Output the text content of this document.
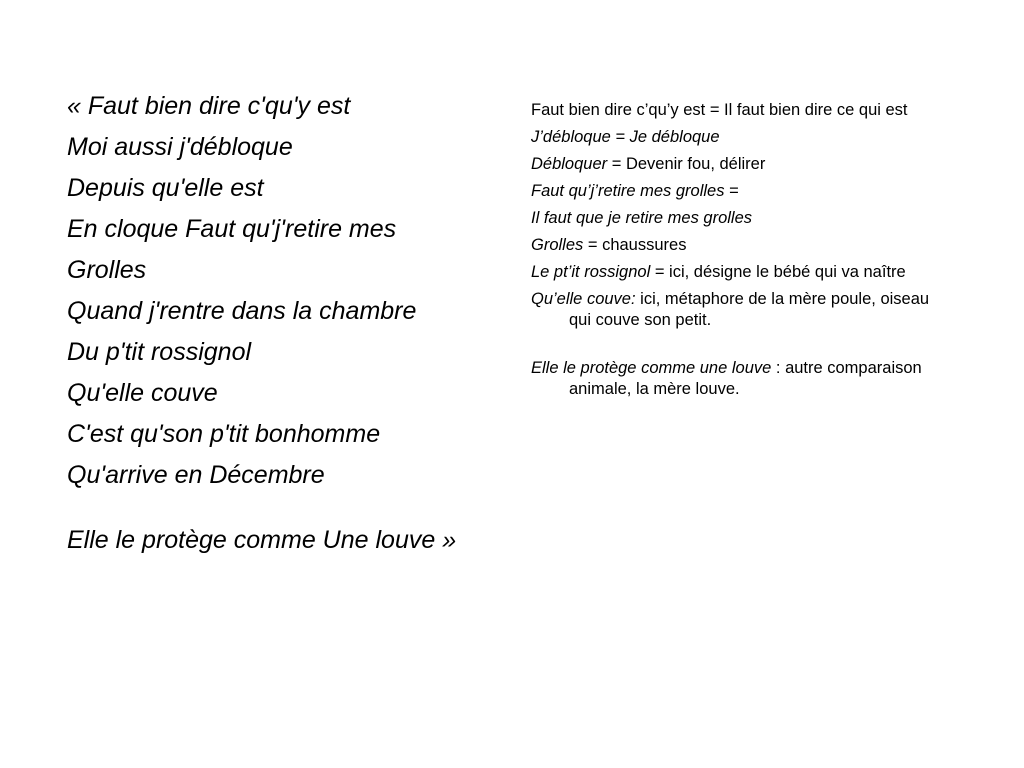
« Faut bien dire c'qu'y est
Moi aussi j'débloque
Depuis qu'elle est
En cloque Faut qu'j'retire mes
Grolles
Quand j'rentre dans la chambre
Du p'tit rossignol
Qu'elle couve
C'est qu'son p'tit bonhomme
Qu'arrive en Décembre
Elle le protège comme Une louve »
Faut bien dire c’qu’y est = Il faut bien dire ce qui est
J’débloque = Je débloque
Débloquer = Devenir fou, délirer
Faut qu’j’retire mes grolles =
Il faut que je retire mes grolles
Grolles = chaussures
Le pt’it rossignol = ici, désigne le bébé qui va naître
Qu’elle couve: ici, métaphore de la mère poule, oiseau qui couve son petit.
Elle le protège comme une louve : autre comparaison animale, la mère louve.
